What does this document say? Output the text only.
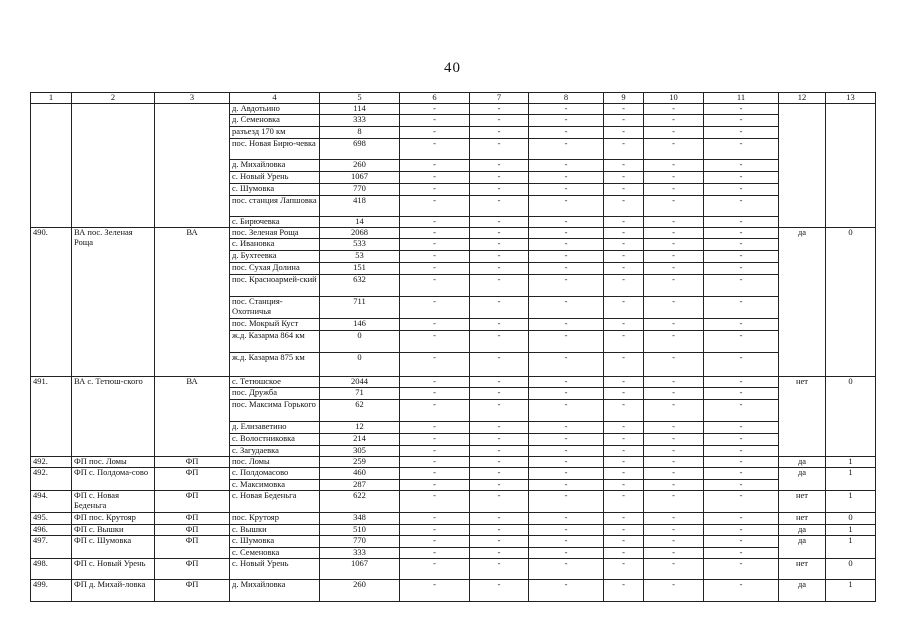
40
1	2	3	4	5	6	7	8	9	10	11	12	13
			д. Авдотьино	114	-	-	-	-	-	-		
			д. Семеновка	333	-	-	-	-	-	-		
			разъезд 170 км	8	-	-	-	-	-	-		
			пос. Новая Бирю-чевка	698	-	-	-	-	-	-		
			д. Михайловка	260	-	-	-	-	-	-		
			с. Новый Урень	1067	-	-	-	-	-	-		
			с. Шумовка	770	-	-	-	-	-	-		
			пос. станция Лапшовка	418	-	-	-	-	-	-		
			с. Бирючевка	14	-	-	-	-	-	-		
490.	ВА пос. Зеленая Роща	ВА	пос. Зеленая Роща	2068	-	-	-	-	-	-	да	0
			с. Ивановка	533	-	-	-	-	-	-		
			д. Бухтеевка	53	-	-	-	-	-	-		
			пос. Сухая Долина	151	-	-	-	-	-	-		
			пос. Красноармей-ский	632	-	-	-	-	-	-		
			пос. Станция-Охотничья	711	-	-	-	-	-	-		
			пос. Мокрый Куст	146	-	-	-	-	-	-		
			ж.д. Казарма 864 км	0	-	-	-	-	-	-		
			ж.д. Казарма 875 км	0	-	-	-	-	-	-		
491.	ВА с. Тетюш-ского	ВА	с. Тетюшское	2044	-	-	-	-	-	-	нет	0
			пос. Дружба	71	-	-	-	-	-	-		
			пос. Максима Горького	62	-	-	-	-	-	-		
			д. Елизаветино	12	-	-	-	-	-	-		
			с. Волостниковка	214	-	-	-	-	-	-		
			с. Загудаевка	305	-	-	-	-	-	-		
492.	ФП пос. Ломы	ФП	пос. Ломы	259	-	-	-	-	-	-	да	1
492.	ФП с. Полдома-сово	ФП	с. Полдомасово	460	-	-	-	-	-	-	да	1
			с. Максимовка	287	-	-	-	-	-	-		
494.	ФП с. Новая Беденьга	ФП	с. Новая Беденьга	622	-	-	-	-	-	-	нет	1
495.	ФП пос. Крутояр	ФП	пос. Крутояр	348	-	-	-	-	-	-	нет	0
496.	ФП с. Вышки	ФП	с. Вышки	510	-	-	-	-	-	-	да	1
497.	ФП с. Шумовка	ФП	с. Шумовка	770	-	-	-	-	-	-	да	1
			с. Семеновка	333	-	-	-	-	-	-		
498.	ФП с. Новый Урень	ФП	с. Новый Урень	1067	-	-	-	-	-	-	нет	0
499.	ФП д. Михай-ловка	ФП	д. Михайловка	260	-	-	-	-	-	-	да	1
